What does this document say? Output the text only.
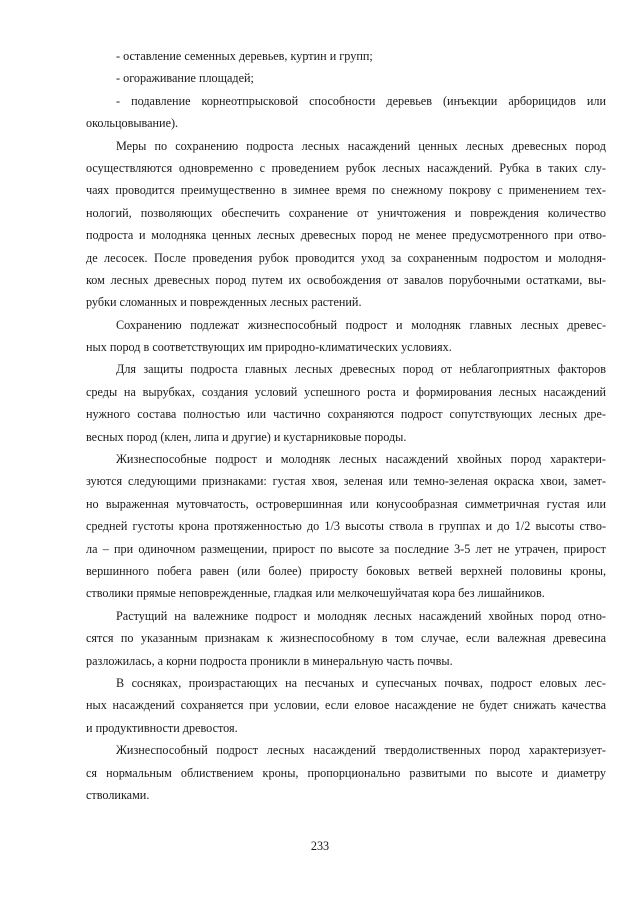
- оставление семенных деревьев, куртин и групп;
- огораживание площадей;
- подавление корнеотпрысковой способности деревьев (инъекции арборицидов или
окольцовывание).
Меры по сохранению подроста лесных насаждений ценных лесных древесных пород
осуществляются одновременно с проведением рубок лесных насаждений. Рубка в таких слу-
чаях проводится преимущественно в зимнее время по снежному покрову с применением тех-
нологий, позволяющих обеспечить сохранение от уничтожения и повреждения количество
подроста и молодняка ценных лесных древесных пород не менее предусмотренного при отво-
де лесосек. После проведения рубок проводится уход за сохраненным подростом и молодня-
ком лесных древесных пород путем их освобождения от завалов порубочными остатками, вы-
рубки сломанных и поврежденных лесных растений.
Сохранению подлежат жизнеспособный подрост и молодняк главных лесных древес-
ных пород в соответствующих им природно-климатических условиях.
Для защиты подроста главных лесных древесных пород от неблагоприятных факторов
среды на вырубках, создания условий успешного роста и формирования лесных насаждений
нужного состава полностью или частично сохраняются подрост сопутствующих лесных дре-
весных пород (клен, липа и другие) и кустарниковые породы.
Жизнеспособные подрост и молодняк лесных насаждений хвойных пород характери-
зуются следующими признаками: густая хвоя, зеленая или темно-зеленая окраска хвои, замет-
но выраженная мутовчатость, островершинная или конусообразная симметричная густая или
средней густоты крона протяженностью до 1/3 высоты ствола в группах и до 1/2 высоты ство-
ла – при одиночном размещении, прирост по высоте за последние 3-5 лет не утрачен, прирост
вершинного побега равен (или более) приросту боковых ветвей верхней половины кроны,
стволики прямые неповрежденные, гладкая или мелкочешуйчатая кора без лишайников.
Растущий на валежнике подрост и молодняк лесных насаждений хвойных пород отно-
сятся по указанным признакам к жизнеспособному в том случае, если валежная древесина
разложилась, а корни подроста проникли в минеральную часть почвы.
В сосняках, произрастающих на песчаных и супесчаных почвах, подрост еловых лес-
ных насаждений сохраняется при условии, если еловое насаждение не будет снижать качества
и продуктивности древостоя.
Жизнеспособный подрост лесных насаждений твердолиственных пород характеризует-
ся нормальным облиствением кроны, пропорционально развитыми по высоте и диаметру
стволиками.
233
